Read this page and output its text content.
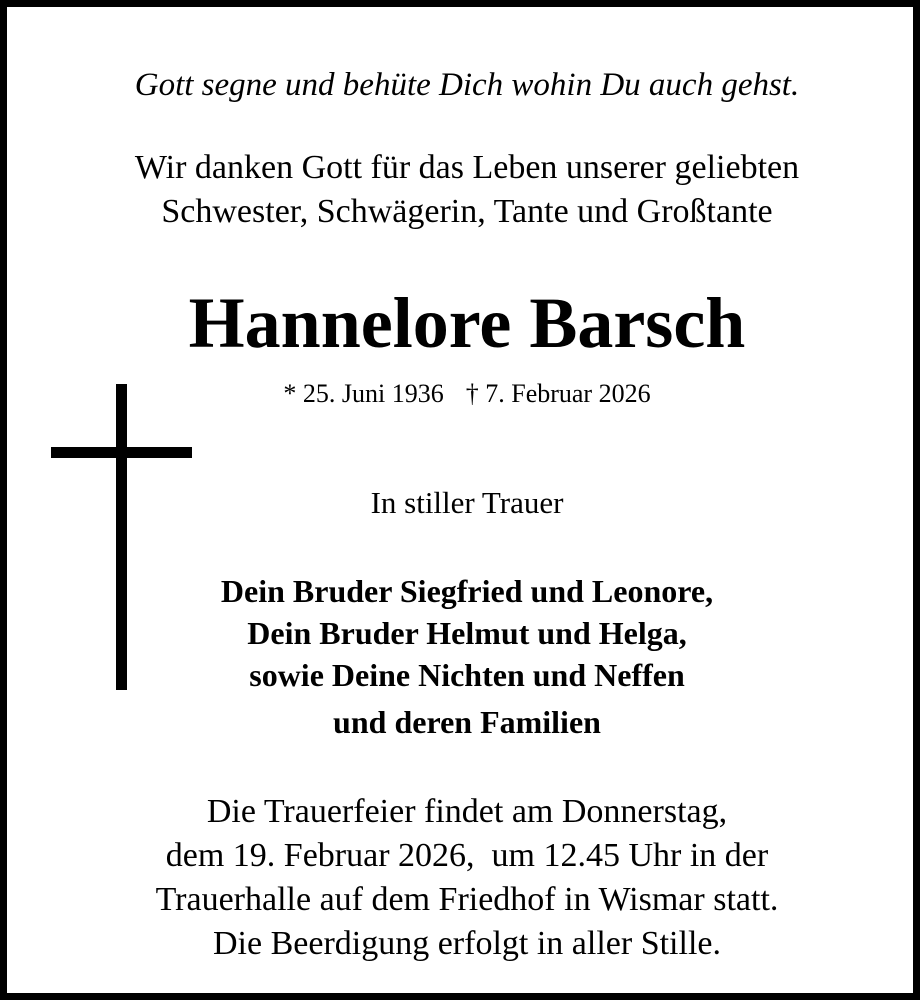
Gott segne und behüte Dich wohin Du auch gehst.
Wir danken Gott für das Leben unserer geliebten
Schwester, Schwägerin, Tante und Großtante
Hannelore Barsch
* 25. Juni 1936 † 7. Februar 2026
In stiller Trauer
Dein Bruder Siegfried und Leonore,
Dein Bruder Helmut und Helga,
sowie Deine Nichten und Neffen
und deren Familien
Die Trauerfeier findet am Donnerstag,
dem 19. Februar 2026,  um 12.45 Uhr in der
Trauerhalle auf dem Friedhof in Wismar statt.
Die Beerdigung erfolgt in aller Stille.
